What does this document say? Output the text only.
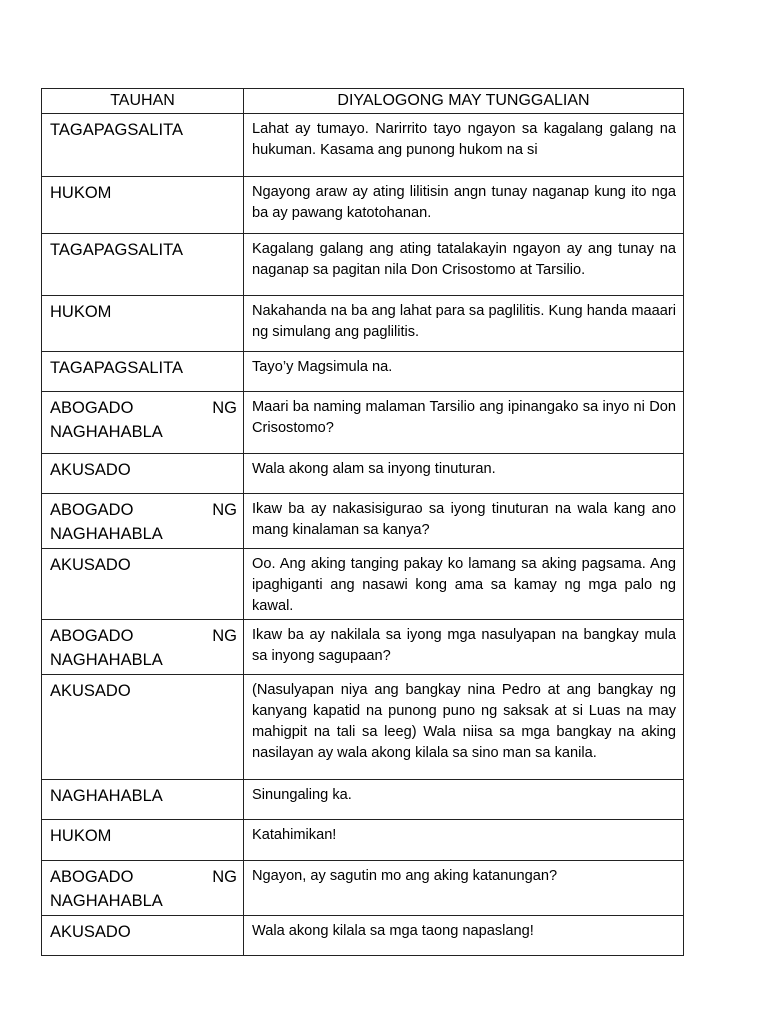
TAUHAN	DIYALOGONG MAY TUNGGALIAN
TAGAPAGSALITA	Lahat ay tumayo. Narirrito tayo ngayon sa kagalang galang na hukuman. Kasama ang punong hukom na si
HUKOM	Ngayong araw ay ating lilitisin angn tunay naganap kung ito nga ba ay pawang katotohanan.
TAGAPAGSALITA	Kagalang galang ang ating tatalakayin ngayon ay ang tunay na naganap sa pagitan nila Don Crisostomo at Tarsilio.
HUKOM	Nakahanda na ba ang lahat para sa paglilitis. Kung handa maaari ng simulang ang paglilitis.
TAGAPAGSALITA	Tayo’y Magsimula na.

ABOGADO NG
NAGHAHABLA	Maari ba naming malaman Tarsilio ang ipinangako sa inyo ni Don Crisostomo?
AKUSADO	Wala akong alam sa inyong tinuturan.

ABOGADO NG
NAGHAHABLA	Ikaw ba ay nakasisigurao sa iyong tinuturan na wala kang ano mang kinalaman sa kanya?
AKUSADO	Oo. Ang aking tanging pakay ko lamang sa aking pagsama. Ang ipaghiganti ang nasawi kong ama sa kamay ng mga palo ng kawal.

ABOGADO NG
NAGHAHABLA	Ikaw ba ay nakilala sa iyong mga nasulyapan na bangkay mula sa inyong sagupaan?
AKUSADO	(Nasulyapan niya ang bangkay nina Pedro at ang bangkay ng kanyang kapatid na punong puno ng saksak at si Luas na may mahigpit na tali sa leeg) Wala niisa sa mga bangkay na aking nasilayan ay wala akong kilala sa sino man sa kanila.
NAGHAHABLA	Sinungaling ka.
HUKOM	Katahimikan!

ABOGADO NG
NAGHAHABLA	Ngayon, ay sagutin mo ang aking katanungan?
AKUSADO	Wala akong kilala sa mga taong napaslang!
